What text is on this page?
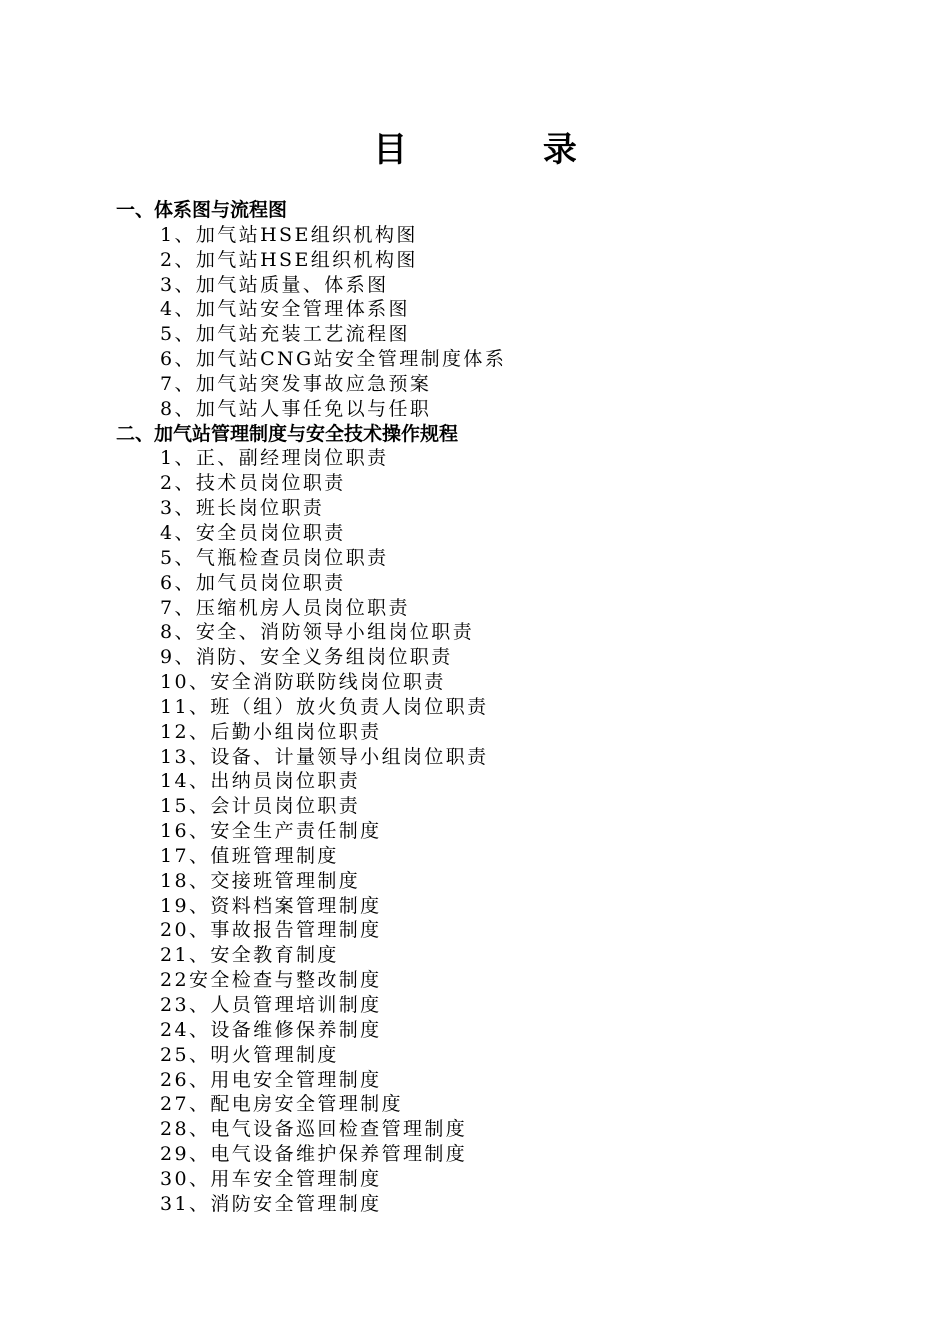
目 录
一、体系图与流程图
1、加气站HSE组织机构图
2、加气站HSE组织机构图
3、加气站质量、体系图
4、加气站安全管理体系图
5、加气站充装工艺流程图
6、加气站CNG站安全管理制度体系
7、加气站突发事故应急预案
8、加气站人事任免以与任职
二、加气站管理制度与安全技术操作规程
1、正、副经理岗位职责
2、技术员岗位职责
3、班长岗位职责
4、安全员岗位职责
5、气瓶检查员岗位职责
6、加气员岗位职责
7、压缩机房人员岗位职责
8、安全、消防领导小组岗位职责
9、消防、安全义务组岗位职责
10、安全消防联防线岗位职责
11、班（组）放火负责人岗位职责
12、后勤小组岗位职责
13、设备、计量领导小组岗位职责
14、出纳员岗位职责
15、会计员岗位职责
16、安全生产责任制度
17、值班管理制度
18、交接班管理制度
19、资料档案管理制度
20、事故报告管理制度
21、安全教育制度
22安全检查与整改制度
23、人员管理培训制度
24、设备维修保养制度
25、明火管理制度
26、用电安全管理制度
27、配电房安全管理制度
28、电气设备巡回检查管理制度
29、电气设备维护保养管理制度
30、用车安全管理制度
31、消防安全管理制度
